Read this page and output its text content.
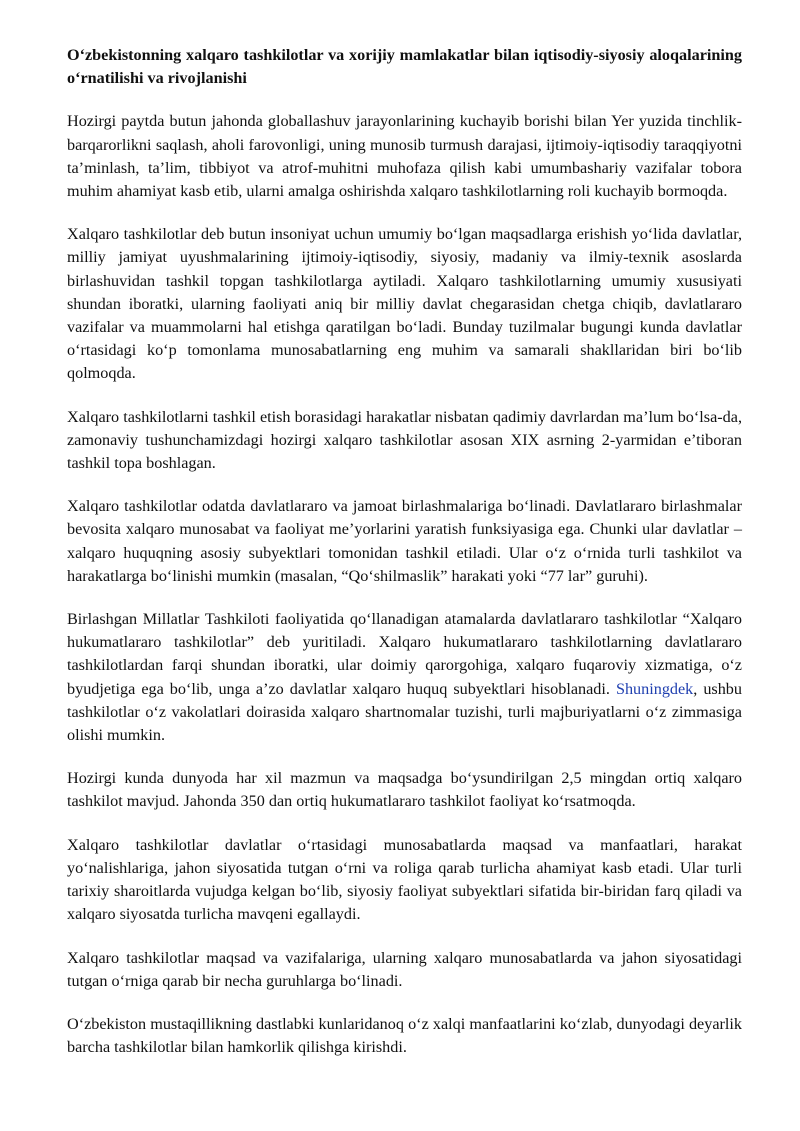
Oʻzbekistonning xalqaro tashkilotlar va xorijiy mamlakatlar bilan iqtisodiy-siyosiy aloqalarining oʻrnatilishi va rivojlanishi

Hozirgi paytda butun jahonda globallashuv jarayonlarining kuchayib borishi bilan Yer yuzida tinchlik-barqarorlikni saqlash, aholi farovonligi, uning munosib turmush darajasi, ijtimoiy-iqtisodiy taraqqiyotni ta’minlash, ta’lim, tibbiyot va atrof-muhitni muhofaza qilish kabi umumbashariy vazifalar tobora muhim ahamiyat kasb etib, ularni amalga oshirishda xalqaro tashkilotlarning roli kuchayib bormoqda.

Xalqaro tashkilotlar deb butun insoniyat uchun umumiy boʻlgan maqsadlarga erishish yoʻlida davlatlar, milliy jamiyat uyushmalarining ijtimoiy-iqtisodiy, siyosiy, madaniy va ilmiy-texnik asoslarda birlashuvidan tashkil topgan tashkilotlarga aytiladi. Xalqaro tashkilotlarning umumiy xususiyati shundan iboratki, ularning faoliyati aniq bir milliy davlat chegarasidan chetga chiqib, davlatlararo vazifalar va muammolarni hal etishga qaratilgan boʻladi. Bunday tuzilmalar bugungi kunda davlatlar oʻrtasidagi koʻp tomonlama munosabatlarning eng muhim va samarali shakllaridan biri boʻlib qolmoqda.

Xalqaro tashkilotlarni tashkil etish borasidagi harakatlar nisbatan qadimiy davrlardan ma’lum boʻlsa-da, zamonaviy tushunchamizdagi hozirgi xalqaro tashkilotlar asosan XIX asrning 2-yarmidan e’tiboran tashkil topa boshlagan.

Xalqaro tashkilotlar odatda davlatlararo va jamoat birlashmalariga boʻlinadi. Davlatlararo birlashmalar bevosita xalqaro munosabat va faoliyat me’yorlarini yaratish funksiyasiga ega. Chunki ular davlatlar – xalqaro huquqning asosiy subyektlari tomonidan tashkil etiladi. Ular oʻz oʻrnida turli tashkilot va harakatlarga boʻlinishi mumkin (masalan, “Qoʻshilmaslik” harakati yoki “77 lar” guruhi).

Birlashgan Millatlar Tashkiloti faoliyatida qoʻllanadigan atamalarda davlatlararo tashkilotlar “Xalqaro hukumatlararo tashkilotlar” deb yuritiladi. Xalqaro hukumatlararo tashkilotlarning davlatlararo tashkilotlardan farqi shundan iboratki, ular doimiy qarorgohiga, xalqaro fuqaroviy xizmatiga, oʻz byudjetiga ega boʻlib, unga a’zo davlatlar xalqaro huquq subyektlari hisoblanadi. Shuningdek, ushbu tashkilotlar oʻz vakolatlari doirasida xalqaro shartnomalar tuzishi, turli majburiyatlarni oʻz zimmasiga olishi mumkin.

Hozirgi kunda dunyoda har xil mazmun va maqsadga boʻysundirilgan 2,5 mingdan ortiq xalqaro tashkilot mavjud. Jahonda 350 dan ortiq hukumatlararo tashkilot faoliyat koʻrsatmoqda.

Xalqaro tashkilotlar davlatlar oʻrtasidagi munosabatlarda maqsad va manfaatlari, harakat yoʻnalishlariga, jahon siyosatida tutgan oʻrni va roliga qarab turlicha ahamiyat kasb etadi. Ular turli tarixiy sharoitlarda vujudga kelgan boʻlib, siyosiy faoliyat subyektlari sifatida bir-biridan farq qiladi va xalqaro siyosatda turlicha mavqeni egallaydi.

Xalqaro tashkilotlar maqsad va vazifalariga, ularning xalqaro munosabatlarda va jahon siyosatidagi tutgan oʻrniga qarab bir necha guruhlarga boʻlinadi.

Oʻzbekiston mustaqillikning dastlabki kunlaridanoq oʻz xalqi manfaatlarini koʻzlab, dunyodagi deyarlik barcha tashkilotlar bilan hamkorlik qilishga kirishdi.
